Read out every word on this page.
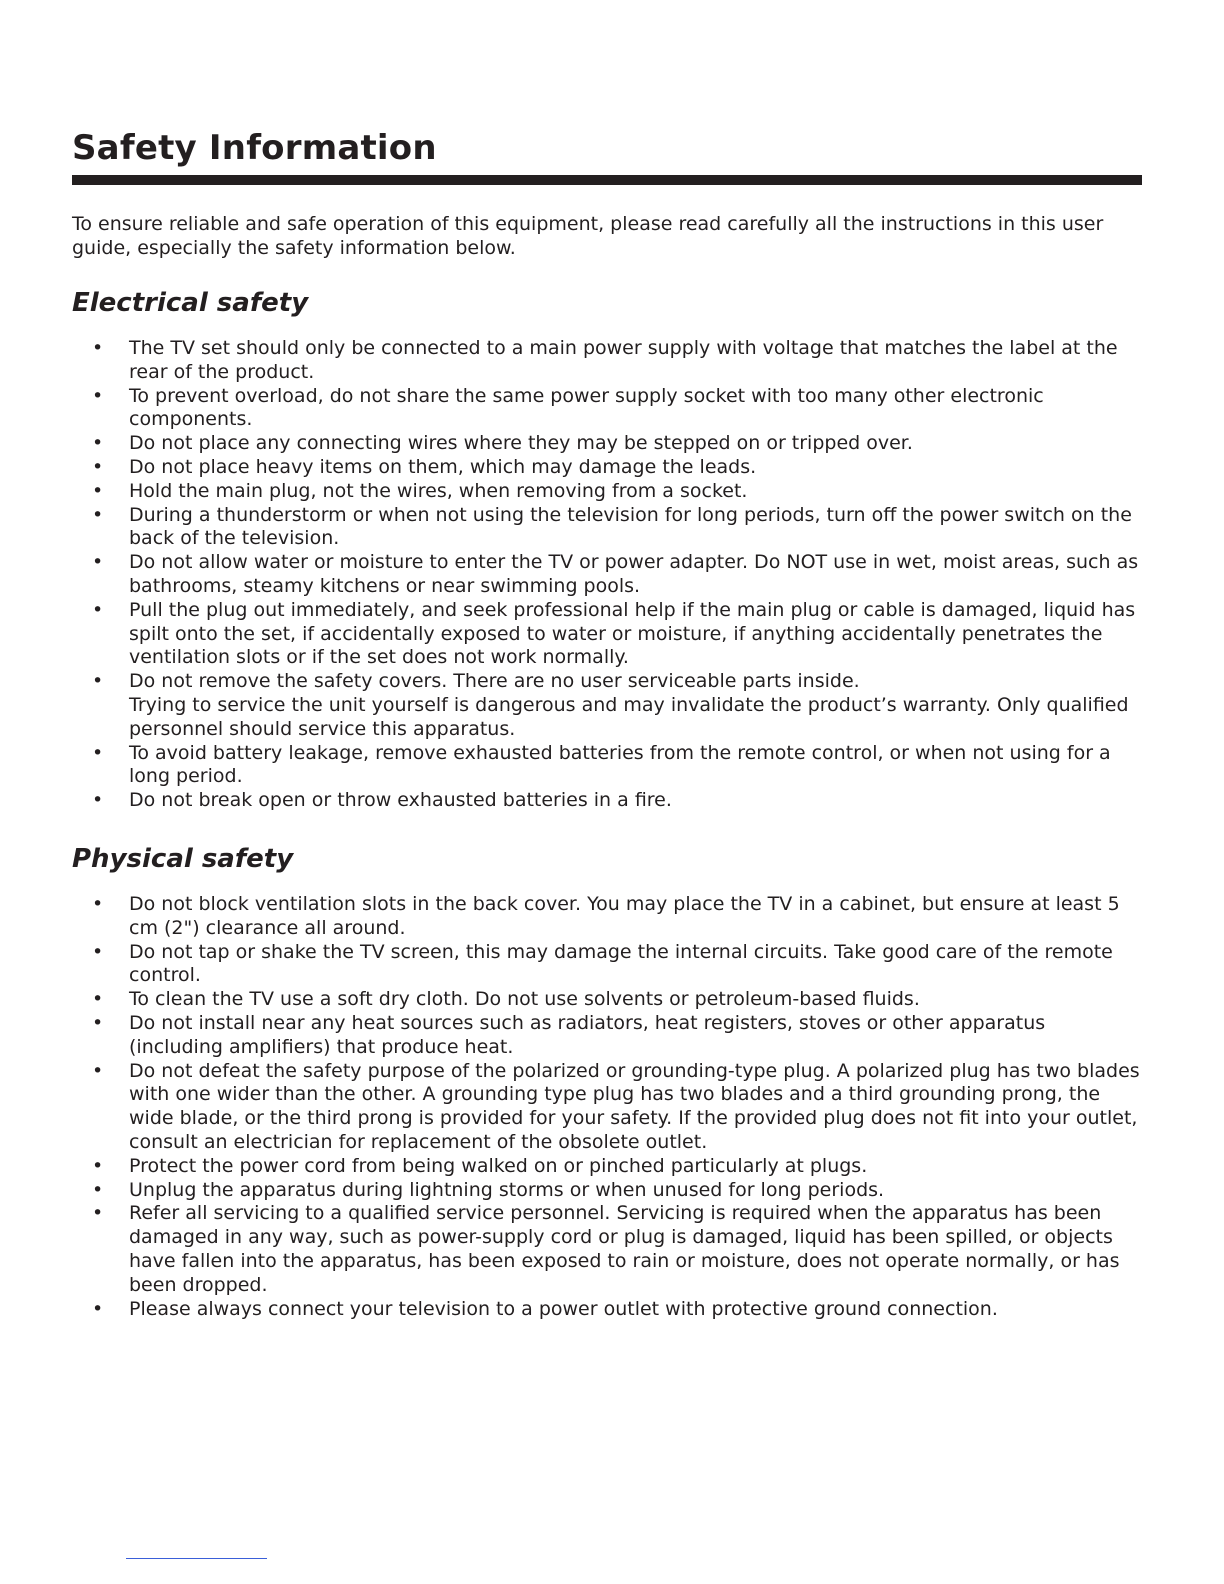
Safety Information

To ensure reliable and safe operation of this equipment, please read carefully all the instructions in this user guide, especially the safety information below.

Electrical safety
• The TV set should only be connected to a main power supply with voltage that matches the label at the rear of the product.
• To prevent overload, do not share the same power supply socket with too many other electronic components.
• Do not place any connecting wires where they may be stepped on or tripped over.
• Do not place heavy items on them, which may damage the leads.
• Hold the main plug, not the wires, when removing from a socket.
• During a thunderstorm or when not using the television for long periods, turn off the power switch on the back of the television.
• Do not allow water or moisture to enter the TV or power adapter. Do NOT use in wet, moist areas, such as bathrooms, steamy kitchens or near swimming pools.
• Pull the plug out immediately, and seek professional help if the main plug or cable is damaged, liquid has spilt onto the set, if accidentally exposed to water or moisture, if anything accidentally penetrates the ventilation slots or if the set does not work normally.
• Do not remove the safety covers. There are no user serviceable parts inside.
Trying to service the unit yourself is dangerous and may invalidate the product’s warranty. Only qualified personnel should service this apparatus.
• To avoid battery leakage, remove exhausted batteries from the remote control, or when not using for a long period.
• Do not break open or throw exhausted batteries in a fire.
Physical safety
• Do not block ventilation slots in the back cover. You may place the TV in a cabinet, but ensure at least 5 cm (2") clearance all around.
• Do not tap or shake the TV screen, this may damage the internal circuits. Take good care of the remote control.
• To clean the TV use a soft dry cloth. Do not use solvents or petroleum-based fluids.
• Do not install near any heat sources such as radiators, heat registers, stoves or other apparatus (including amplifiers) that produce heat.
• Do not defeat the safety purpose of the polarized or grounding-type plug. A polarized plug has two blades with one wider than the other. A grounding type plug has two blades and a third grounding prong, the wide blade, or the third prong is provided for your safety. If the provided plug does not fit into your outlet, consult an electrician for replacement of the obsolete outlet.
• Protect the power cord from being walked on or pinched particularly at plugs.
• Unplug the apparatus during lightning storms or when unused for long periods.
• Refer all servicing to a qualified service personnel. Servicing is required when the apparatus has been damaged in any way, such as power-supply cord or plug is damaged, liquid has been spilled, or objects have fallen into the apparatus, has been exposed to rain or moisture, does not operate normally, or has been dropped.
• Please always connect your television to a power outlet with protective ground connection.
